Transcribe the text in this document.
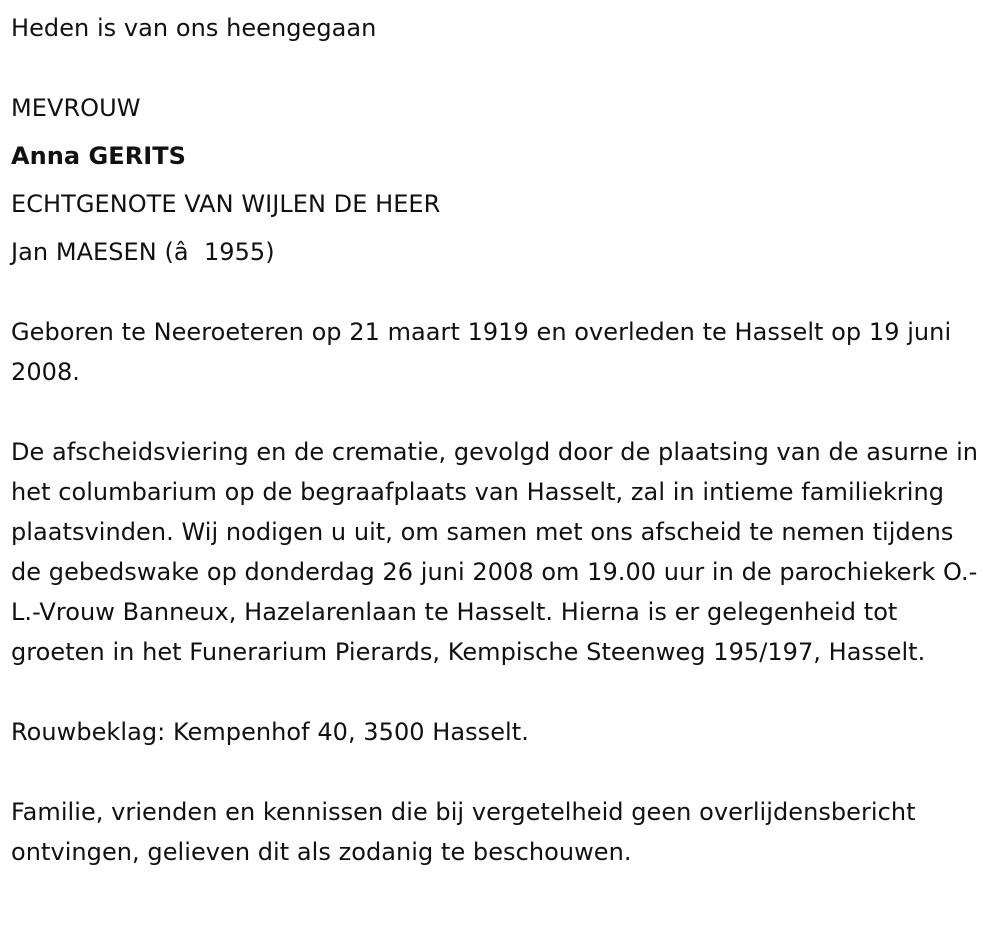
Heden is van ons heengegaan
MEVROUW
Anna GERITS
ECHTGENOTE VAN WIJLEN DE HEER
Jan MAESEN (â  1955)
Geboren te Neeroeteren op 21 maart 1919 en overleden te Hasselt op 19 juni 2008.
De afscheidsviering en de crematie, gevolgd door de plaatsing van de asurne in het columbarium op de begraafplaats van Hasselt, zal in intieme familiekring plaatsvinden. Wij nodigen u uit, om samen met ons afscheid te nemen tijdens de gebedswake op donderdag 26 juni 2008 om 19.00 uur in de parochiekerk O.-L.-Vrouw Banneux, Hazelarenlaan te Hasselt. Hierna is er gelegenheid tot groeten in het Funerarium Pierards, Kempische Steenweg 195/197, Hasselt.
Rouwbeklag: Kempenhof 40, 3500 Hasselt.
Familie, vrienden en kennissen die bij vergetelheid geen overlijdensbericht ontvingen, gelieven dit als zodanig te beschouwen.
